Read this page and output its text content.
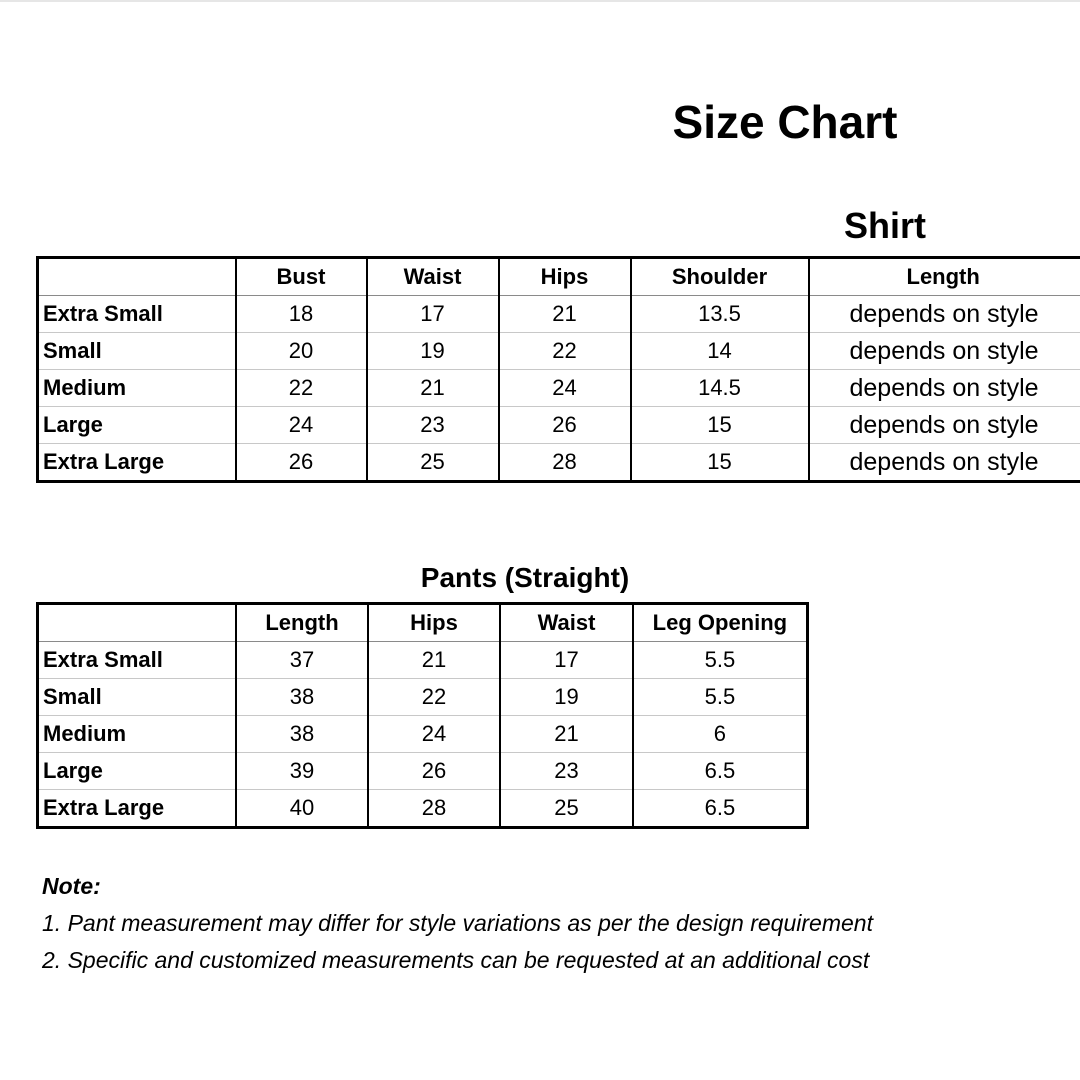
Size Chart
Shirt
	Bust	Waist	Hips	Shoulder	Length
Extra Small	18	17	21	13.5	depends on style
Small	20	19	22	14	depends on style
Medium	22	21	24	14.5	depends on style
Large	24	23	26	15	depends on style
Extra Large	26	25	28	15	depends on style
Pants (Straight)
	Length	Hips	Waist	Leg Opening
Extra Small	37	21	17	5.5
Small	38	22	19	5.5
Medium	38	24	21	6
Large	39	26	23	6.5
Extra Large	40	28	25	6.5
Note:
1. Pant measurement may differ for style variations as per the design requirement
2. Specific and customized measurements can be requested at an additional cost
